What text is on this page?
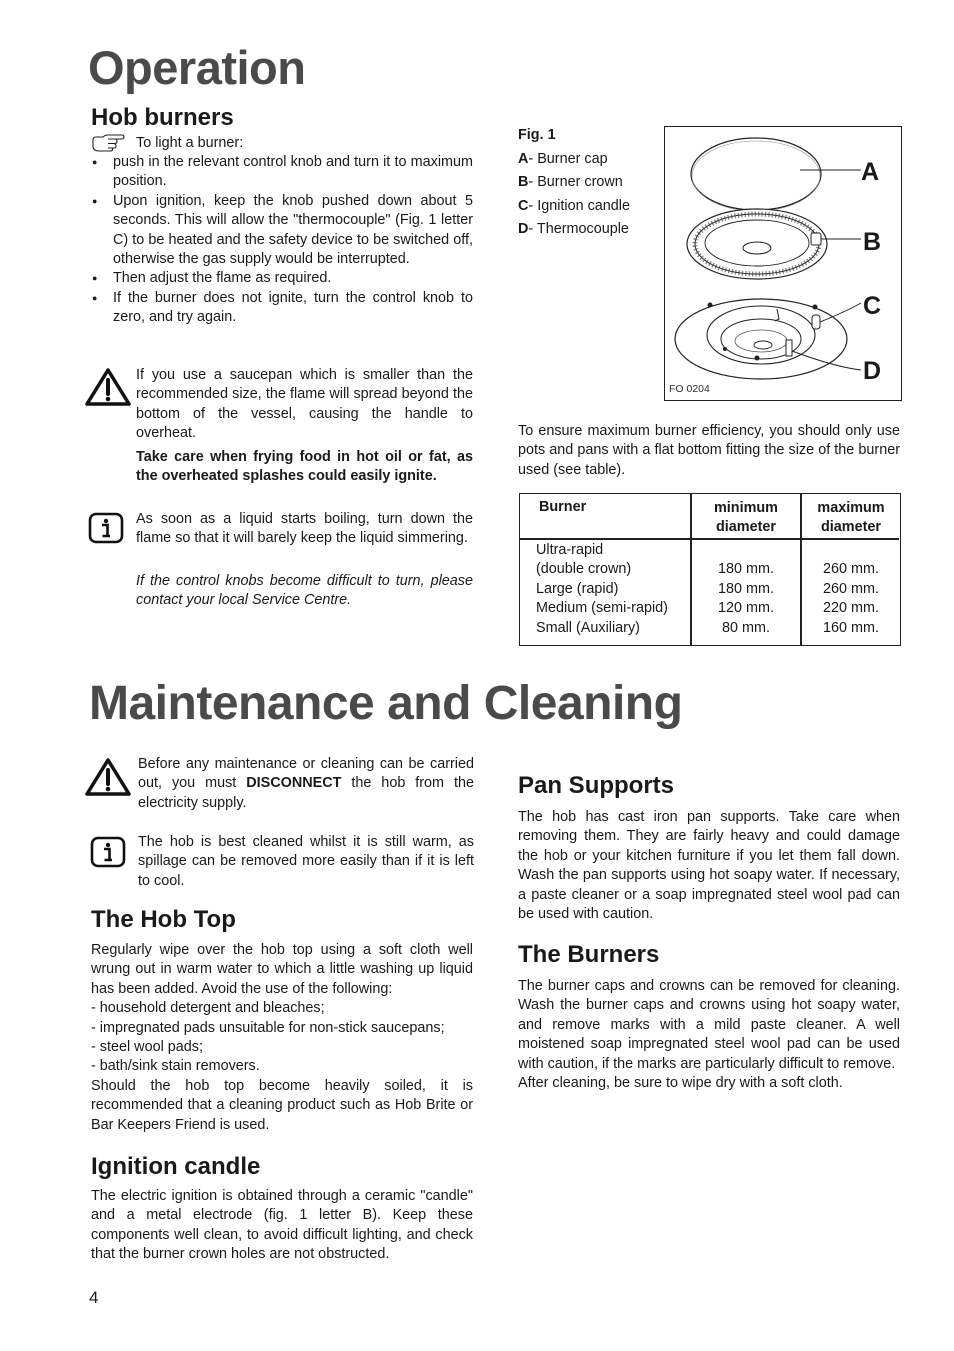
Operation
Hob burners
To light a burner:
● push in the relevant control knob and turn it to maximum position.
● Upon ignition, keep the knob pushed down about 5 seconds. This will allow the "thermocouple" (Fig. 1 letter C) to be heated and the safety device to be switched off, otherwise the gas supply would be interrupted.
● Then adjust the flame as required.
● If the burner does not ignite, turn the control knob to zero, and try again.
If you use a saucepan which is smaller than the recommended size, the flame will spread beyond the bottom of the vessel, causing the handle to overheat.
Take care when frying food in hot oil or fat, as the overheated splashes could easily ignite.
As soon as a liquid starts boiling, turn down the flame so that it will barely keep the liquid simmering.
If the control knobs become difficult to turn, please contact your local Service Centre.
Fig. 1
A- Burner cap
B- Burner crown
C- Ignition candle
D- Thermocouple
A
B
C
D
FO 0204
To ensure maximum burner efficiency, you should only use pots and pans with a flat bottom fitting the size of the burner used (see table).
Burner	minimum diameter
maximum diameter
Ultra-rapid
(double crown)
Large (rapid)
Medium (semi-rapid)
Small (Auxiliary)
180 mm.
180 mm.
120 mm.
80 mm.
260 mm.
260 mm.
220 mm.
160 mm.
Maintenance and Cleaning
Before any maintenance or cleaning can be carried out, you must DISCONNECT the hob from the electricity supply.
The hob is best cleaned whilst it is still warm, as spillage can be removed more easily than if it is left to cool.
The Hob Top
Regularly wipe over the hob top using a soft cloth well wrung out in warm water to which a little washing up liquid has been added. Avoid the use of the following:
- household detergent and bleaches;
- impregnated pads unsuitable for non-stick saucepans;
- steel wool pads;
- bath/sink stain removers.
Should the hob top become heavily soiled, it is recommended that a cleaning product such as Hob Brite or Bar Keepers Friend is used.
Ignition candle
The electric ignition is obtained through a ceramic "candle" and a metal electrode (fig. 1 letter B). Keep these components well clean, to avoid difficult lighting, and check that the burner crown holes are not obstructed.
Pan Supports
The hob has cast iron pan supports. Take care when removing them. They are fairly heavy and could damage the hob or your kitchen furniture if you let them fall down. Wash the pan supports using hot soapy water. If necessary, a paste cleaner or a soap impregnated steel wool pad can be used with caution.
The Burners
The burner caps and crowns can be removed for cleaning. Wash the burner caps and crowns using hot soapy water, and remove marks with a mild paste cleaner. A well moistened soap impregnated steel wool pad can be used with caution, if the marks are particularly difficult to remove.
After cleaning, be sure to wipe dry with a soft cloth.
4
